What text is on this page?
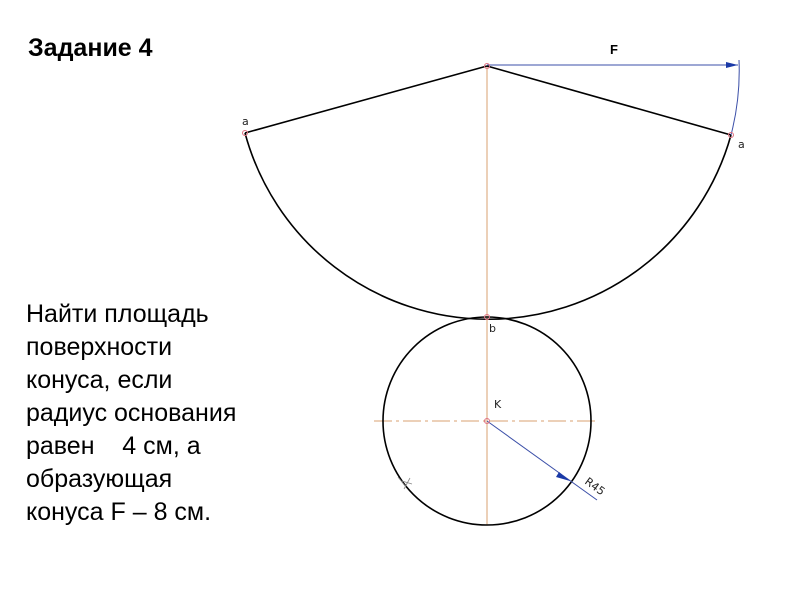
Задание 4
Найти площадь
поверхности
конуса, если
радиус основания
равен    4 см, а
образующая
конуса F – 8 см.
F
R45
a
a
b
K
